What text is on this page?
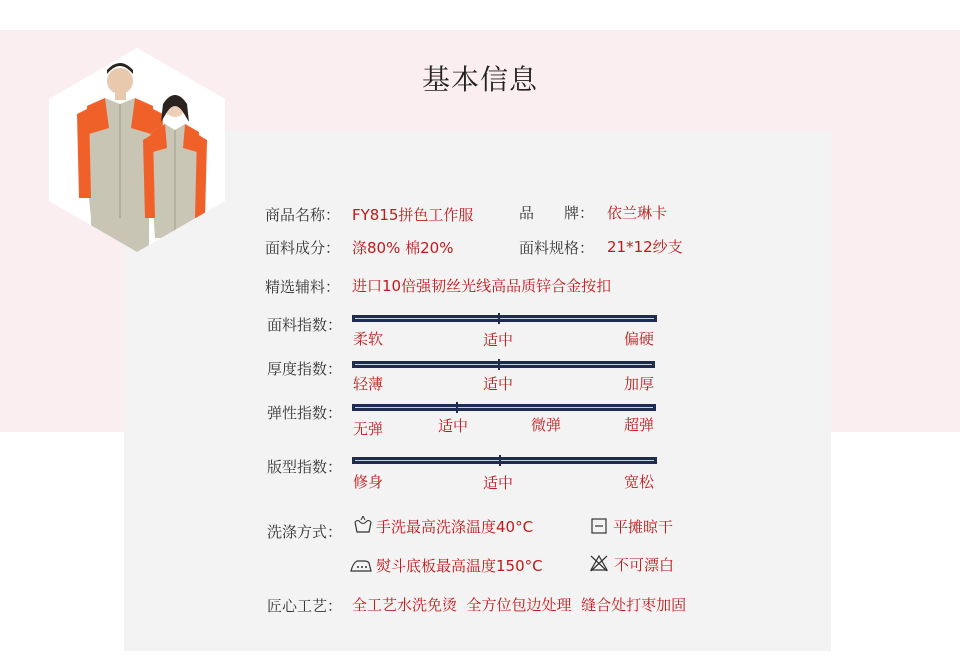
基本信息
商品名称： FY815拼色工作服	品　　牌： 依兰琳卡
面料成分： 涤80% 棉20%	面料规格： 21*12纱支
精选辅料： 进口10倍强韧丝光线高品质锌合金按扣
面料指数：
柔软	适中	偏硬
厚度指数：
轻薄	适中	加厚
弹性指数：
无弹	适中	微弹	超弹
版型指数：
修身	适中	宽松
洗涤方式： 手洗最高洗涤温度40°C	平摊晾干
熨斗底板最高温度150°C	不可漂白
匠心工艺： 全工艺水洗免烫  全方位包边处理  缝合处打枣加固
